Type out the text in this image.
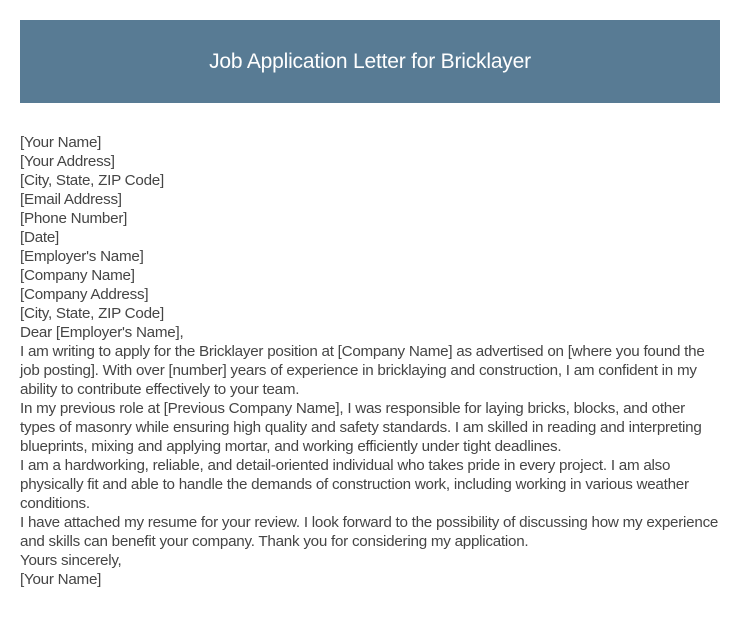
Job Application Letter for Bricklayer
[Your Name]
[Your Address]
[City, State, ZIP Code]
[Email Address]
[Phone Number]
[Date]
[Employer's Name]
[Company Name]
[Company Address]
[City, State, ZIP Code]
Dear [Employer's Name],
I am writing to apply for the Bricklayer position at [Company Name] as advertised on [where you found the job posting]. With over [number] years of experience in bricklaying and construction, I am confident in my ability to contribute effectively to your team.
In my previous role at [Previous Company Name], I was responsible for laying bricks, blocks, and other types of masonry while ensuring high quality and safety standards. I am skilled in reading and interpreting blueprints, mixing and applying mortar, and working efficiently under tight deadlines.
I am a hardworking, reliable, and detail-oriented individual who takes pride in every project. I am also physically fit and able to handle the demands of construction work, including working in various weather conditions.
I have attached my resume for your review. I look forward to the possibility of discussing how my experience and skills can benefit your company. Thank you for considering my application.
Yours sincerely,
[Your Name]
